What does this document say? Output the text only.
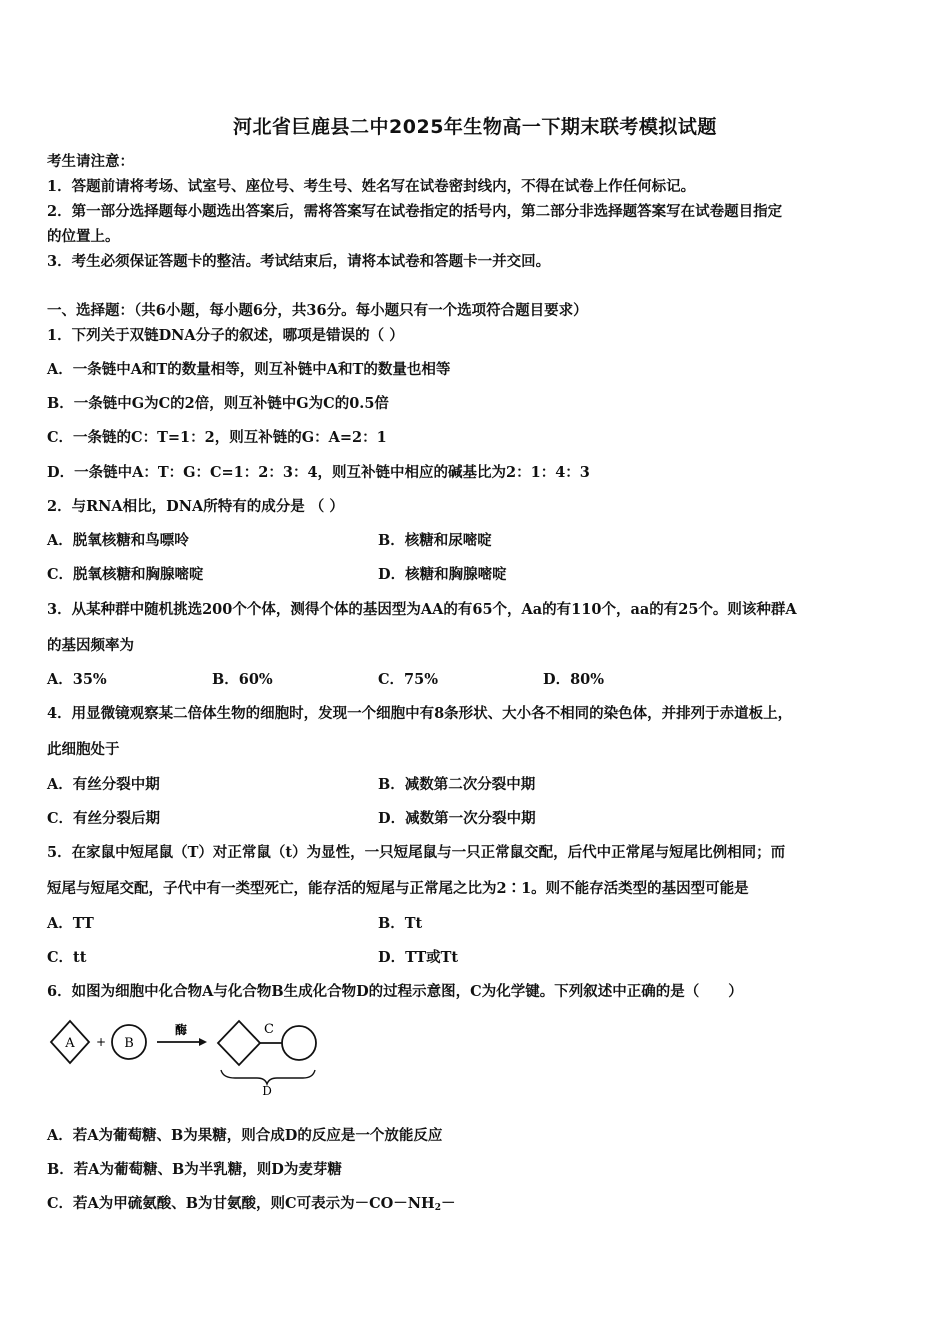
河北省巨鹿县二中2025年生物高一下期末联考模拟试题
考生请注意：
1．答题前请将考场、试室号、座位号、考生号、姓名写在试卷密封线内，不得在试卷上作任何标记。
2．第一部分选择题每小题选出答案后，需将答案写在试卷指定的括号内，第二部分非选择题答案写在试卷题目指定
的位置上。
3．考生必须保证答题卡的整洁。考试结束后，请将本试卷和答题卡一并交回。
一、选择题：（共6小题，每小题6分，共36分。每小题只有一个选项符合题目要求）
1．下列关于双链DNA分子的叙述，哪项是错误的（ ）
A．一条链中A和T的数量相等，则互补链中A和T的数量也相等
B．一条链中G为C的2倍，则互补链中G为C的0.5倍
C．一条链的C：T=1：2，则互补链的G：A=2：1
D．一条链中A：T：G：C=1：2：3：4，则互补链中相应的碱基比为2：1：4：3
2．与RNA相比，DNA所特有的成分是 （ ）
A．脱氧核糖和鸟嘌呤	B．核糖和尿嘧啶
C．脱氧核糖和胸腺嘧啶	D．核糖和胸腺嘧啶
3．从某种群中随机挑选200个个体，测得个体的基因型为AA的有65个，Aa的有110个，aa的有25个。则该种群A
的基因频率为
A．35%	B．60%	C．75%	D．80%
4．用显微镜观察某二倍体生物的细胞时，发现一个细胞中有8条形状、大小各不相同的染色体，并排列于赤道板上，
此细胞处于
A．有丝分裂中期	B．减数第二次分裂中期
C．有丝分裂后期	D．减数第一次分裂中期
5．在家鼠中短尾鼠（T）对正常鼠（t）为显性，一只短尾鼠与一只正常鼠交配，后代中正常尾与短尾比例相同；而
短尾与短尾交配，子代中有一类型死亡，能存活的短尾与正常尾之比为2∶1。则不能存活类型的基因型可能是
A．TT	B．Tt
C．tt	D．TT或Tt
6．如图为细胞中化合物A与化合物B生成化合物D的过程示意图，C为化学键。下列叙述中正确的是（　　）
A + B
酶	C
D
A．若A为葡萄糖、B为果糖，则合成D的反应是一个放能反应
B．若A为葡萄糖、B为半乳糖，则D为麦芽糖
C．若A为甲硫氨酸、B为甘氨酸，则C可表示为$-CO-NH_2-$
